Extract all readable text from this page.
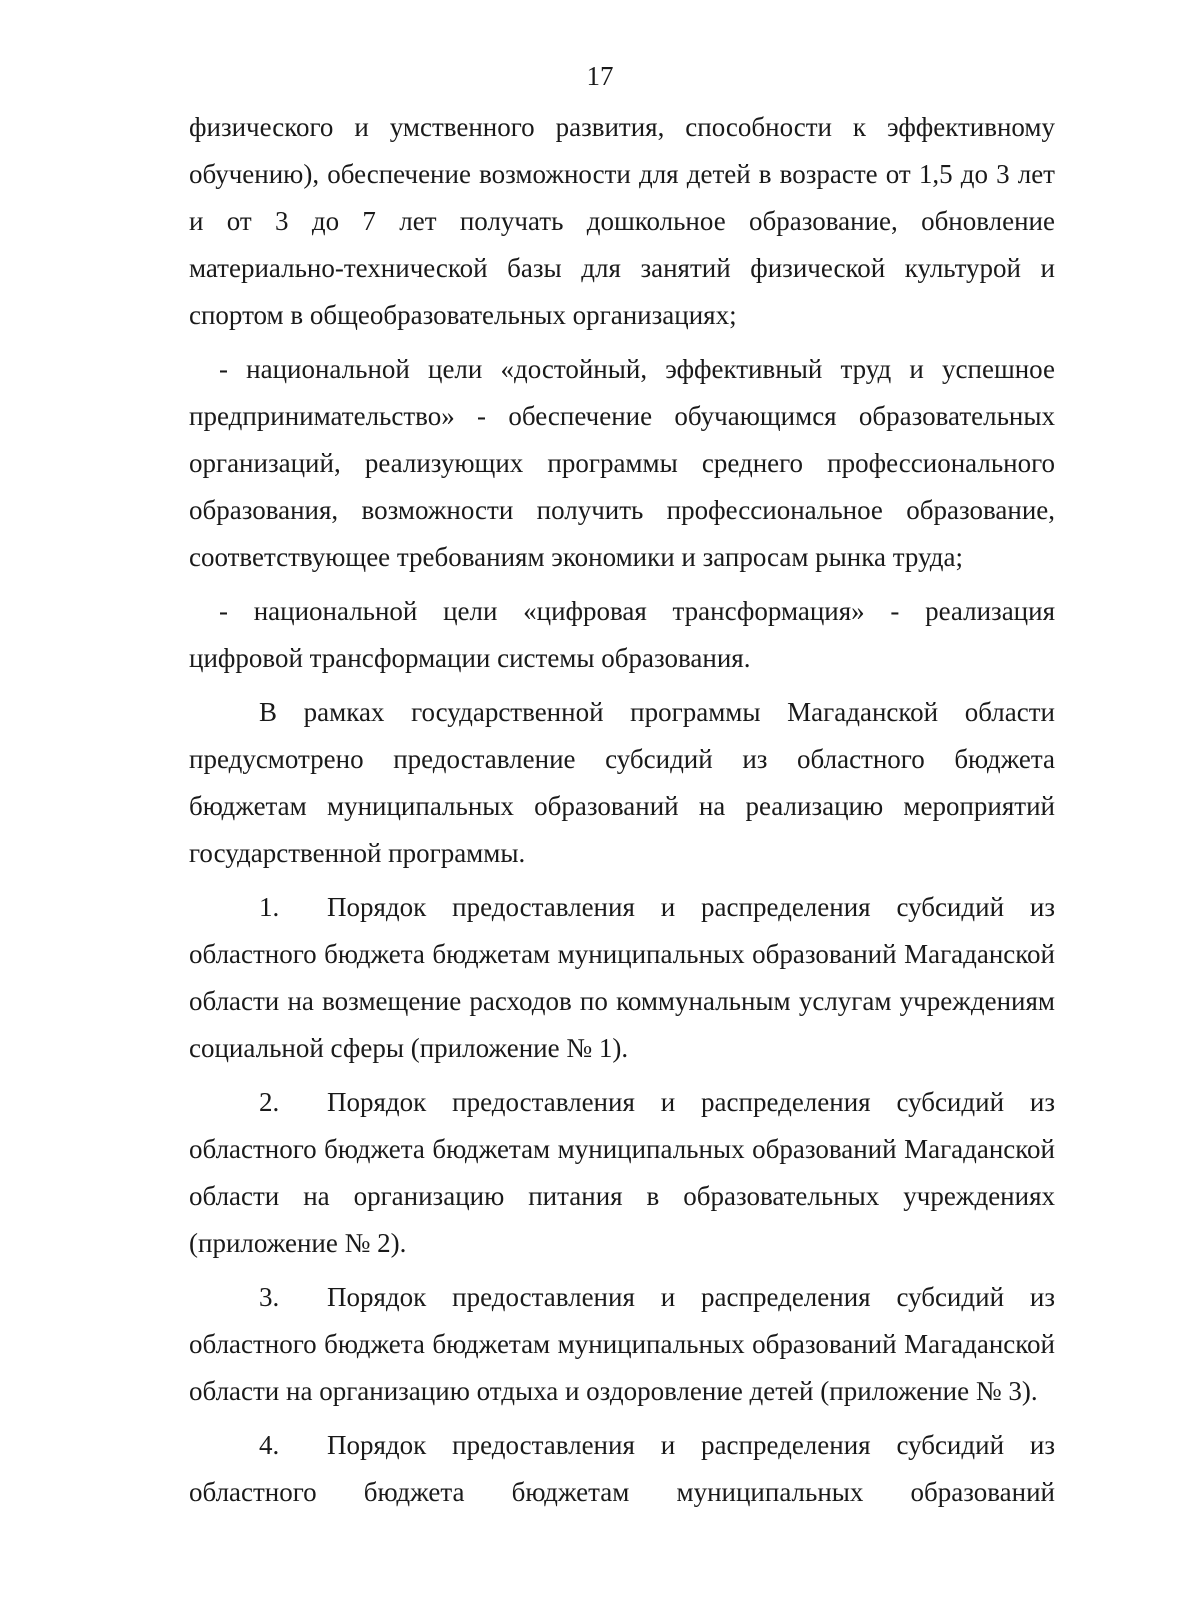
17

физического и умственного развития, способности к эффективному обучению), обеспечение возможности для детей в возрасте от 1,5 до 3 лет и от 3 до 7 лет получать дошкольное образование, обновление материально-технической базы для занятий физической культурой и спортом в общеобразовательных организациях;

- национальной цели «достойный, эффективный труд и успешное предпринимательство» - обеспечение обучающимся образовательных организаций, реализующих программы среднего профессионального образования, возможности получить профессиональное образование, соответствующее требованиям экономики и запросам рынка труда;

- национальной цели «цифровая трансформация» - реализация цифровой трансформации системы образования.

В рамках государственной программы Магаданской области предусмотрено предоставление субсидий из областного бюджета бюджетам муниципальных образований на реализацию мероприятий государственной программы.

1. Порядок предоставления и распределения субсидий из областного бюджета бюджетам муниципальных образований Магаданской области на возмещение расходов по коммунальным услугам учреждениям социальной сферы (приложение № 1).

2. Порядок предоставления и распределения субсидий из областного бюджета бюджетам муниципальных образований Магаданской области на организацию питания в образовательных учреждениях (приложение № 2).

3. Порядок предоставления и распределения субсидий из областного бюджета бюджетам муниципальных образований Магаданской области на организацию отдыха и оздоровление детей (приложение № 3).

4. Порядок предоставления и распределения субсидий из областного бюджета бюджетам муниципальных образований
